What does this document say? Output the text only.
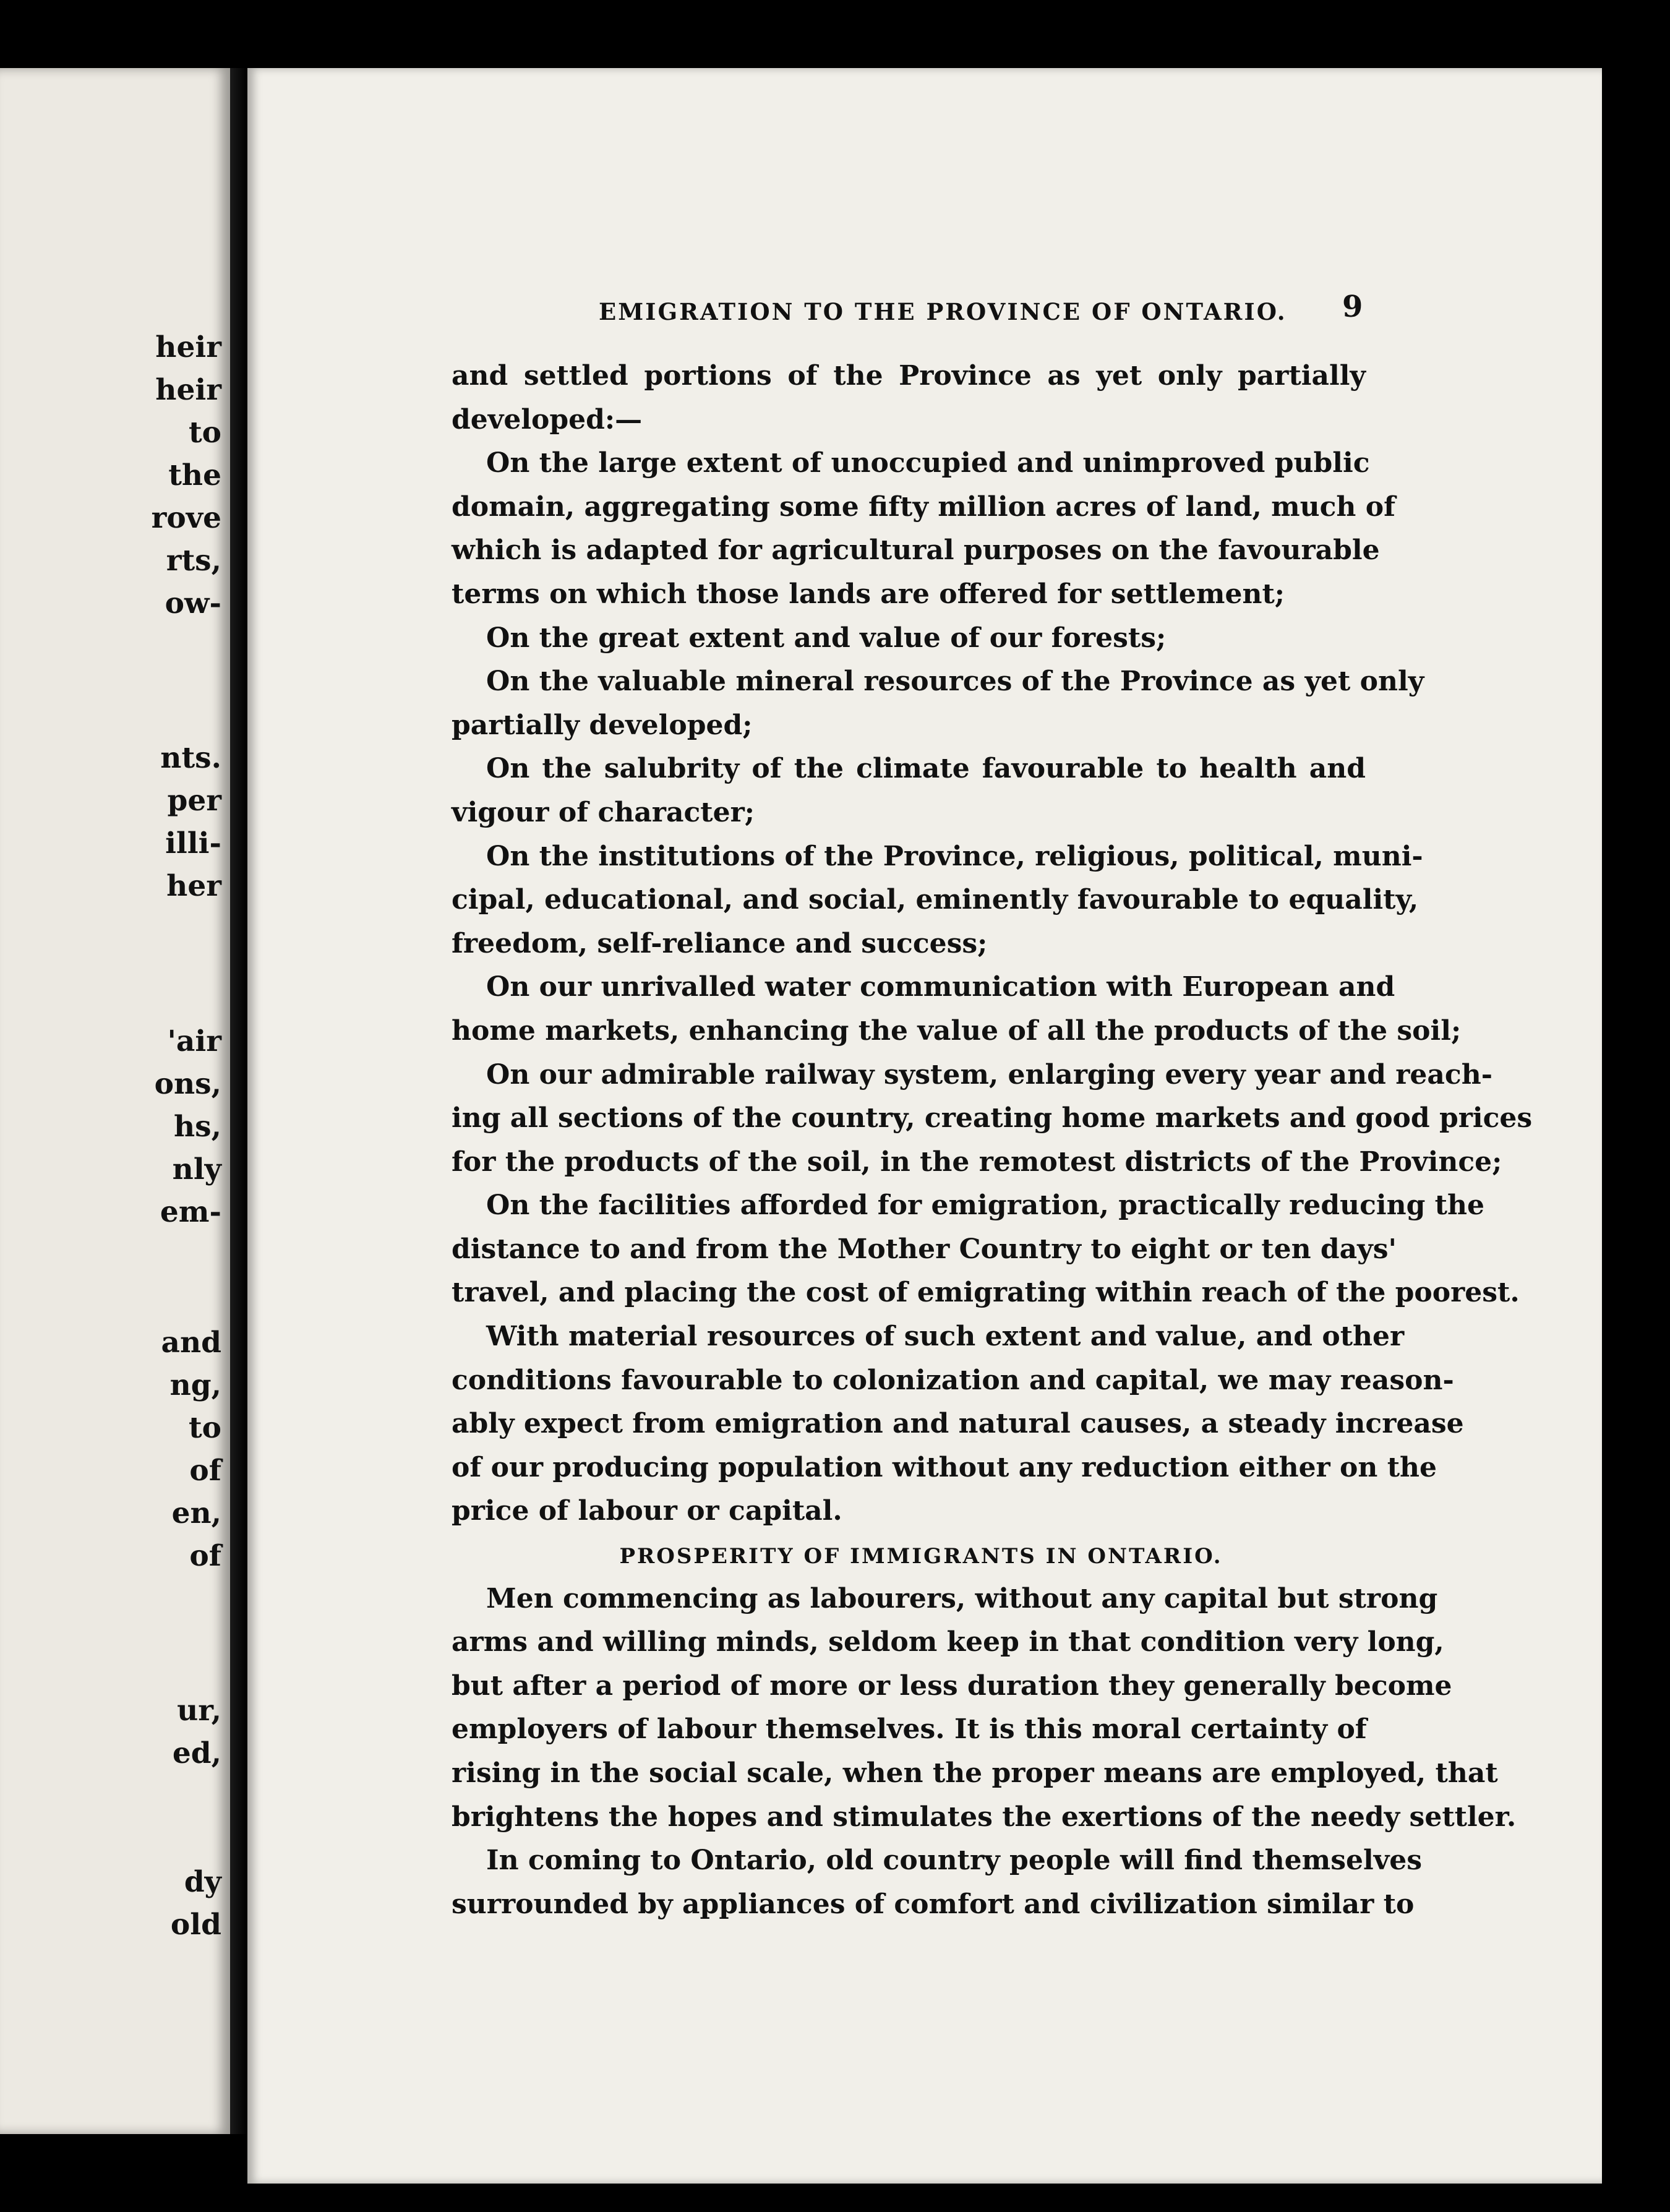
heir
heir
to
the
rove
rts,
ow-
nts.
per
illi-
her
'air
ons,
hs,
nly
em-
and
ng,
to
of
en,
of
ur,
ed,
dy
old
EMIGRATION TO THE PROVINCE OF ONTARIO.	9
and settled portions of the Province as yet only partially
developed:—
On the large extent of unoccupied and unimproved public
domain, aggregating some fifty million acres of land, much of
which is adapted for agricultural purposes on the favourable
terms on which those lands are offered for settlement;
On the great extent and value of our forests;
On the valuable mineral resources of the Province as yet only
partially developed;
On the salubrity of the climate favourable to health and
vigour of character;
On the institutions of the Province, religious, political, muni-
cipal, educational, and social, eminently favourable to equality,
freedom, self-reliance and success;
On our unrivalled water communication with European and
home markets, enhancing the value of all the products of the soil;
On our admirable railway system, enlarging every year and reach-
ing all sections of the country, creating home markets and good prices
for the products of the soil, in the remotest districts of the Province;
On the facilities afforded for emigration, practically reducing the
distance to and from the Mother Country to eight or ten days'
travel, and placing the cost of emigrating within reach of the poorest.
With material resources of such extent and value, and other
conditions favourable to colonization and capital, we may reason-
ably expect from emigration and natural causes, a steady increase
of our producing population without any reduction either on the
price of labour or capital.
PROSPERITY OF IMMIGRANTS IN ONTARIO.
Men commencing as labourers, without any capital but strong
arms and willing minds, seldom keep in that condition very long,
but after a period of more or less duration they generally become
employers of labour themselves. It is this moral certainty of
rising in the social scale, when the proper means are employed, that
brightens the hopes and stimulates the exertions of the needy settler.
In coming to Ontario, old country people will find themselves
surrounded by appliances of comfort and civilization similar to
